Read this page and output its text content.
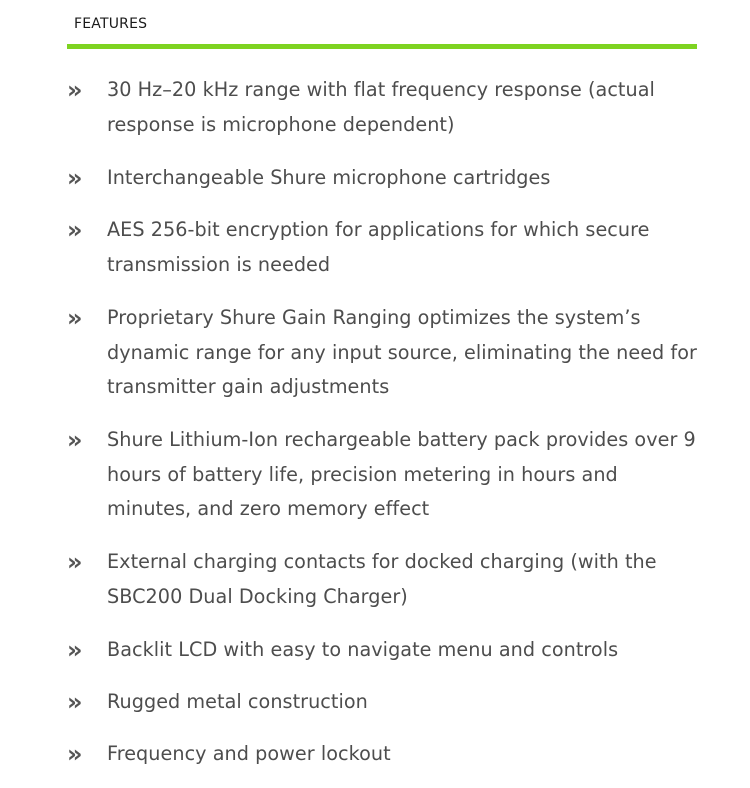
FEATURES
»	30 Hz–20 kHz range with flat frequency response (actual response is microphone dependent)
»	Interchangeable Shure microphone cartridges
»	AES 256-bit encryption for applications for which secure transmission is needed
»	Proprietary Shure Gain Ranging optimizes the system’s dynamic range for any input source, eliminating the need for transmitter gain adjustments
»	Shure Lithium-Ion rechargeable battery pack provides over 9 hours of battery life, precision metering in hours and minutes, and zero memory effect
»	External charging contacts for docked charging (with the SBC200 Dual Docking Charger)
»	Backlit LCD with easy to navigate menu and controls
»	Rugged metal construction
»	Frequency and power lockout
